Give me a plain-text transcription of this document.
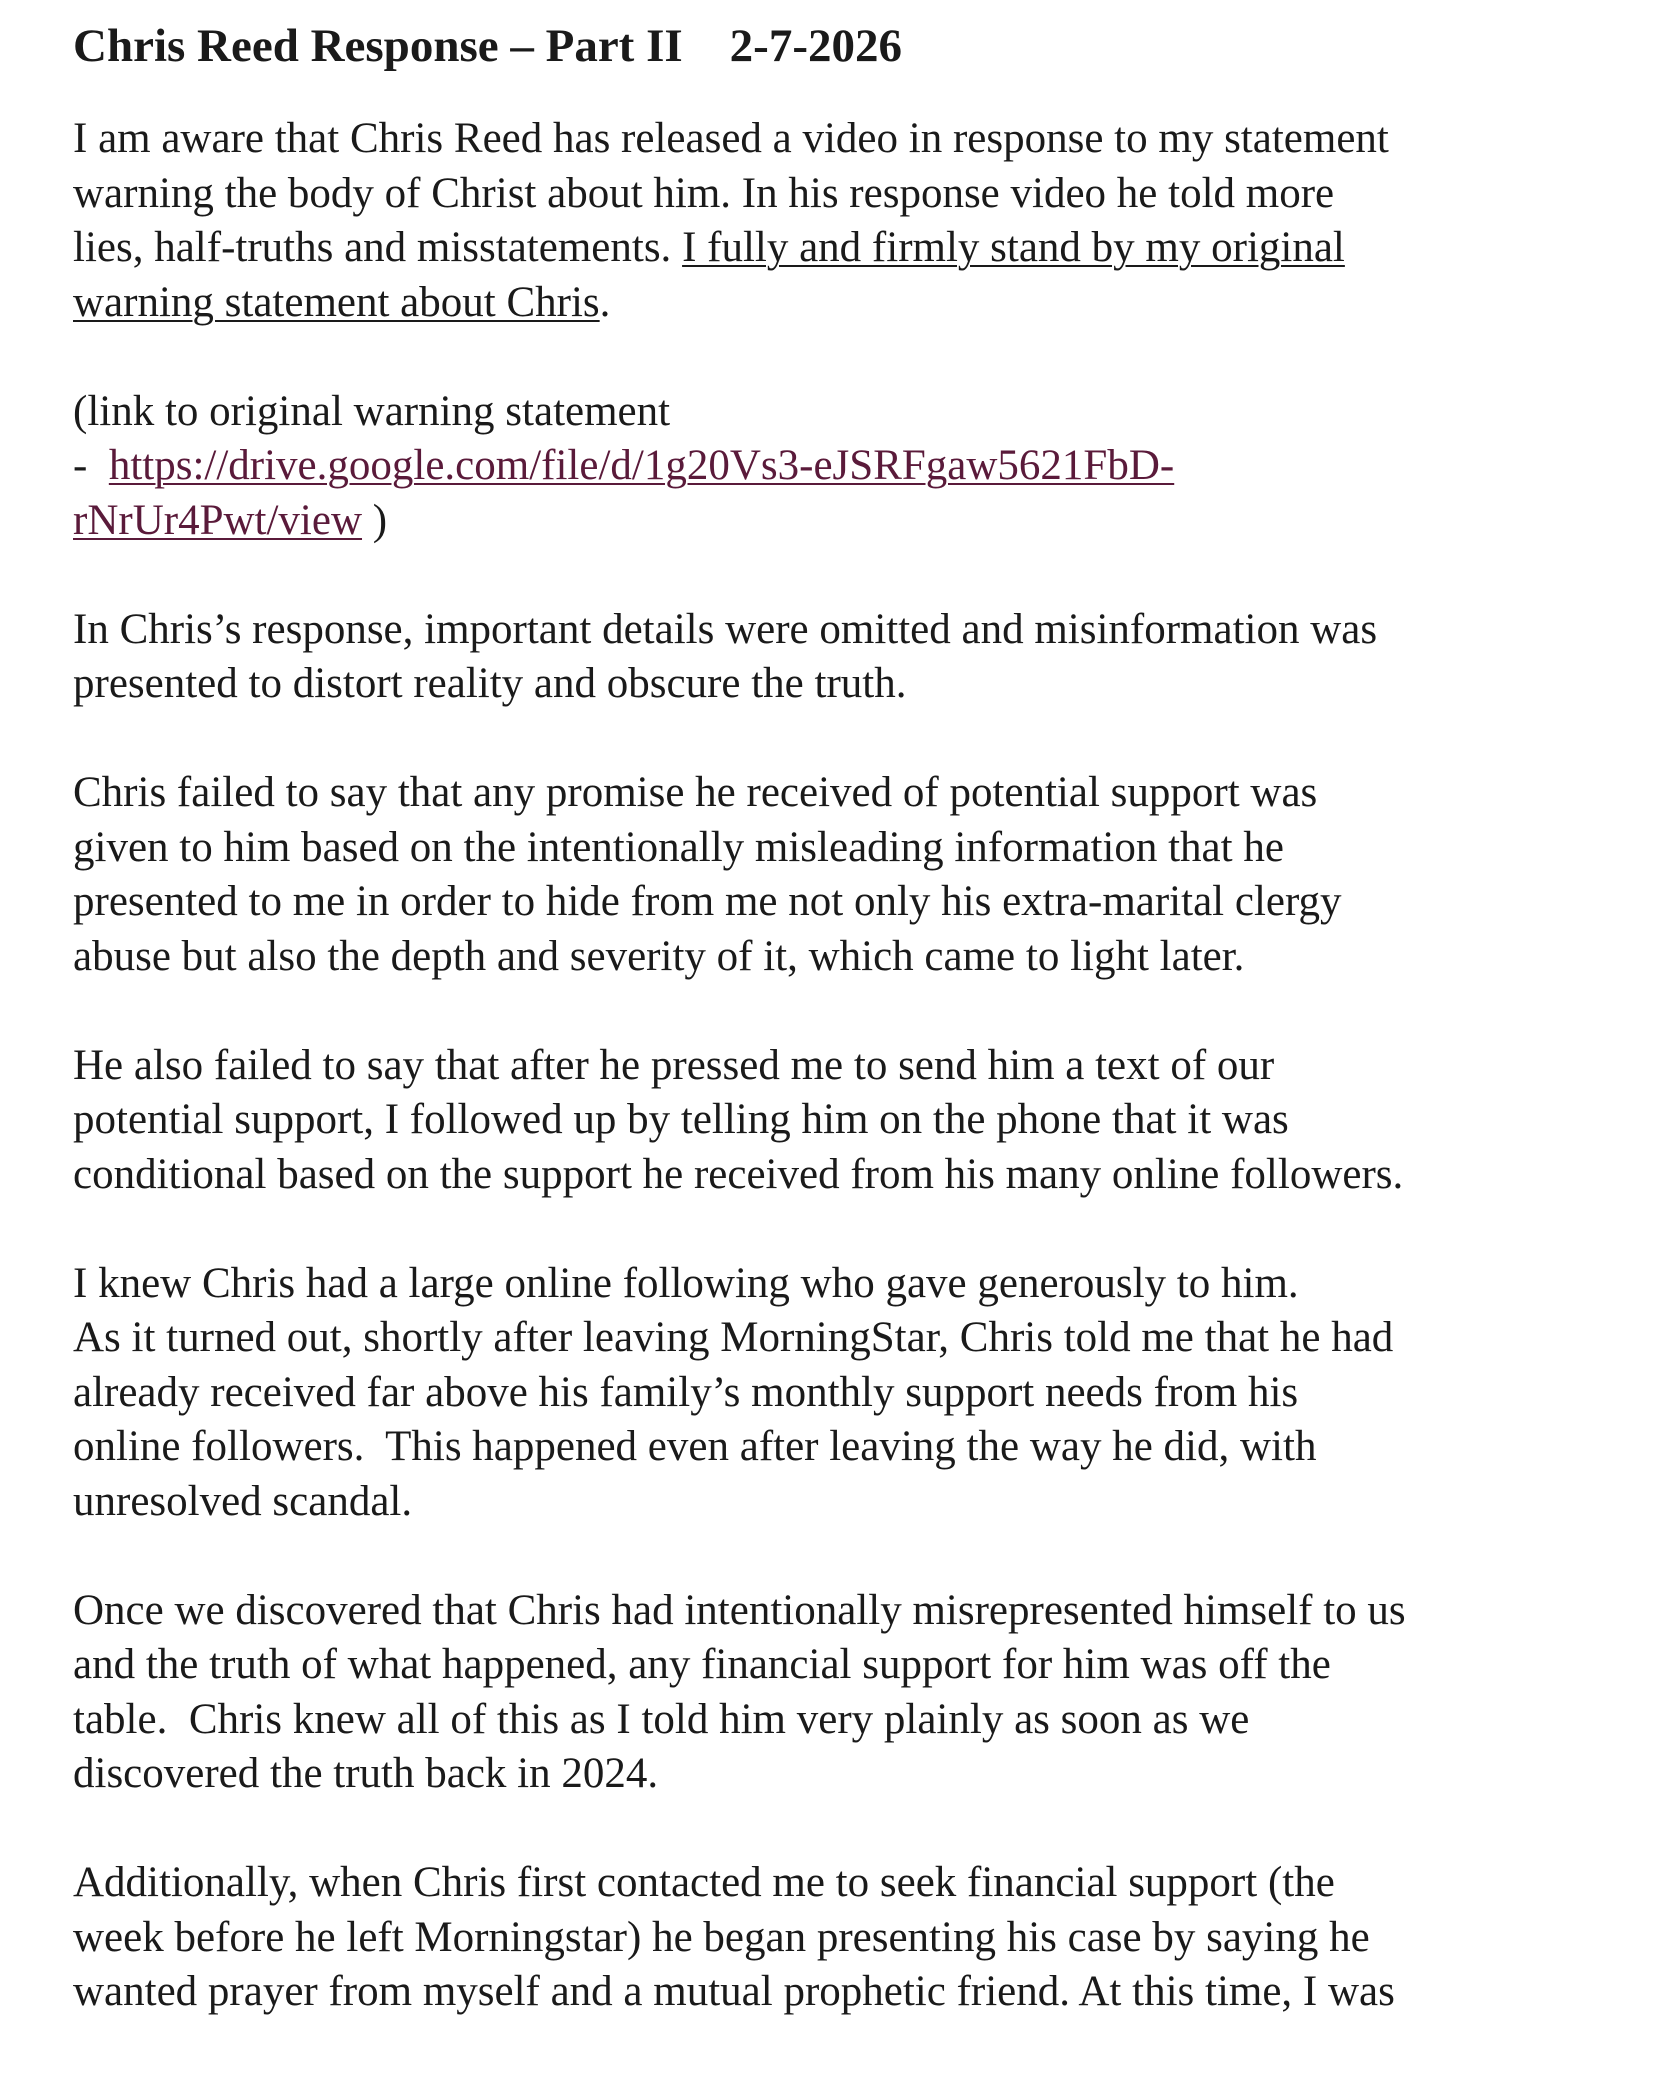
Chris Reed Response – Part II    2-7-2026
I am aware that Chris Reed has released a video in response to my statement
warning the body of Christ about him. In his response video he told more
lies, half-truths and misstatements. I fully and firmly stand by my original
warning statement about Chris.
(link to original warning statement
-  https://drive.google.com/file/d/1g20Vs3-eJSRFgaw5621FbD-
rNrUr4Pwt/view )
In Chris’s response, important details were omitted and misinformation was
presented to distort reality and obscure the truth.
Chris failed to say that any promise he received of potential support was
given to him based on the intentionally misleading information that he
presented to me in order to hide from me not only his extra-marital clergy
abuse but also the depth and severity of it, which came to light later.
He also failed to say that after he pressed me to send him a text of our
potential support, I followed up by telling him on the phone that it was
conditional based on the support he received from his many online followers.
I knew Chris had a large online following who gave generously to him.
As it turned out, shortly after leaving MorningStar, Chris told me that he had
already received far above his family’s monthly support needs from his
online followers.  This happened even after leaving the way he did, with
unresolved scandal.
Once we discovered that Chris had intentionally misrepresented himself to us
and the truth of what happened, any financial support for him was off the
table.  Chris knew all of this as I told him very plainly as soon as we
discovered the truth back in 2024.
Additionally, when Chris first contacted me to seek financial support (the
week before he left Morningstar) he began presenting his case by saying he
wanted prayer from myself and a mutual prophetic friend. At this time, I was
